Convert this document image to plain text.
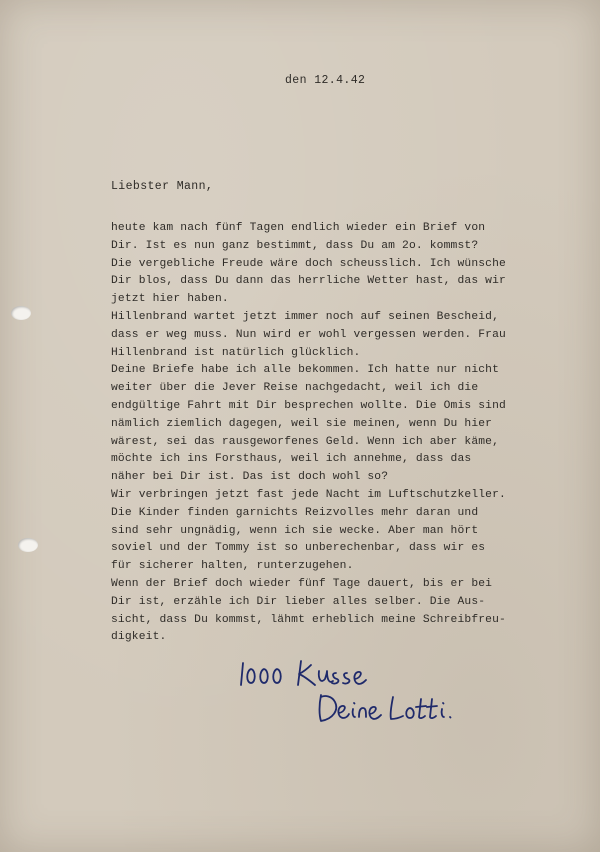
den 12.4.42
Liebster Mann,
heute kam nach fünf Tagen endlich wieder ein Brief von
Dir. Ist es nun ganz bestimmt, dass Du am 2o. kommst?
Die vergebliche Freude wäre doch scheusslich. Ich wünsche
Dir blos, dass Du dann das herrliche Wetter hast, das wir
jetzt hier haben.
Hillenbrand wartet jetzt immer noch auf seinen Bescheid,
dass er weg muss. Nun wird er wohl vergessen werden. Frau
Hillenbrand ist natürlich glücklich.
Deine Briefe habe ich alle bekommen. Ich hatte nur nicht
weiter über die Jever Reise nachgedacht, weil ich die
endgültige Fahrt mit Dir besprechen wollte. Die Omis sind
nämlich ziemlich dagegen, weil sie meinen, wenn Du hier
wärest, sei das rausgeworfenes Geld. Wenn ich aber käme,
möchte ich ins Forsthaus, weil ich annehme, dass das
näher bei Dir ist. Das ist doch wohl so?
Wir verbringen jetzt fast jede Nacht im Luftschutzkeller.
Die Kinder finden garnichts Reizvolles mehr daran und
sind sehr ungnädig, wenn ich sie wecke. Aber man hört
soviel und der Tommy ist so unberechenbar, dass wir es
für sicherer halten, runterzugehen.
Wenn der Brief doch wieder fünf Tage dauert, bis er bei
Dir ist, erzähle ich Dir lieber alles selber. Die Aus-
sicht, dass Du kommst, lähmt erheblich meine Schreibfreu-
digkeit.
